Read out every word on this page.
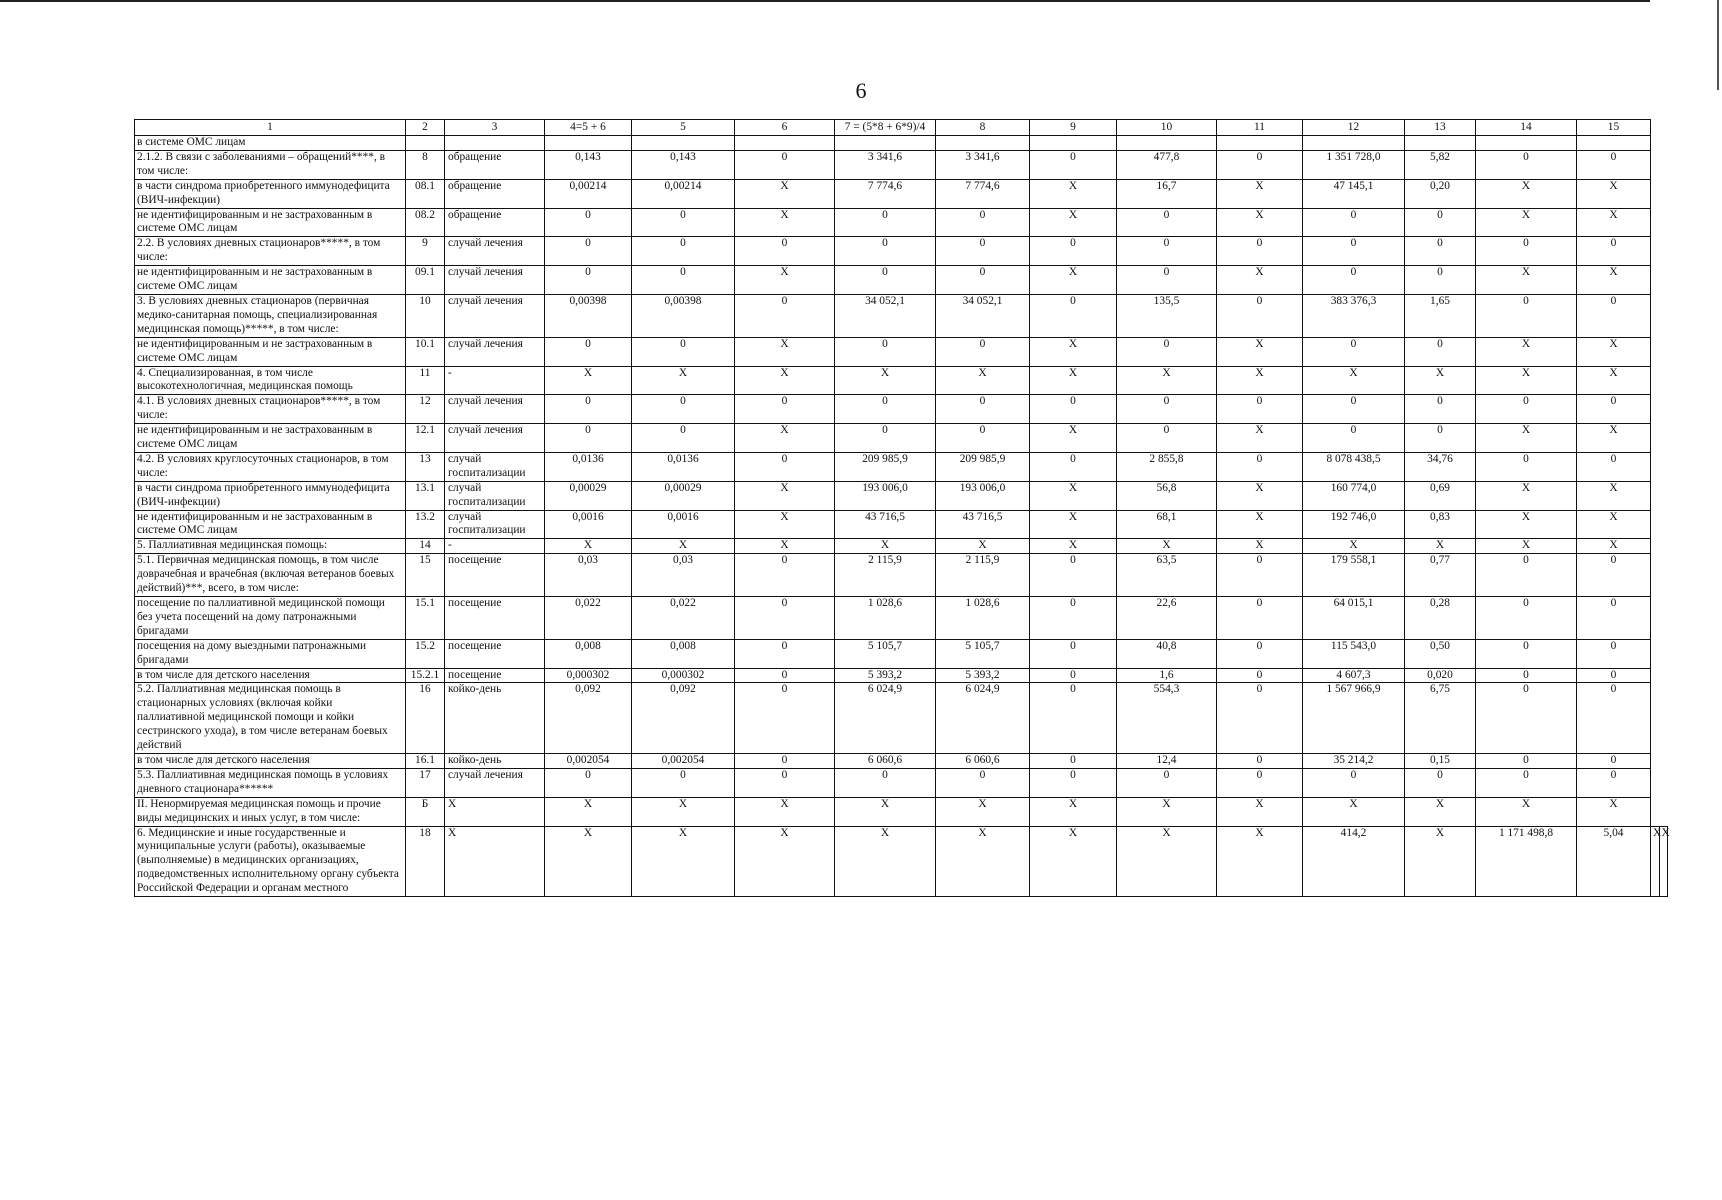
6
1	2	3	4=5 + 6	5	6	7 = (5*8 + 6*9)/4	8	9	10	11	12	13	14	15		
в системе ОМС лицам																
2.1.2. В связи с заболеваниями – обращений****, в том числе:	8	обращение	0,143	0,143	0	3 341,6	3 341,6	0	477,8	0	1 351 728,0	5,82	0	0		
в части синдрома приобретенного иммунодефицита (ВИЧ-инфекции)	08.1	обращение	0,00214	0,00214	X	7 774,6	7 774,6	X	16,7	X	47 145,1	0,20	X	X		
не идентифицированным и не застрахованным в системе ОМС лицам	08.2	обращение	0	0	X	0	0	X	0	X	0	0	X	X		
2.2. В условиях дневных стационаров*****, в том числе:	9	случай лечения	0	0	0	0	0	0	0	0	0	0	0	0		
не идентифицированным и не застрахованным в системе ОМС лицам	09.1	случай лечения	0	0	X	0	0	X	0	X	0	0	X	X		
3. В условиях дневных стационаров (первичная медико-санитарная помощь, специализированная медицинская помощь)*****, в том числе:	10	случай лечения	0,00398	0,00398	0	34 052,1	34 052,1	0	135,5	0	383 376,3	1,65	0	0		
не идентифицированным и не застрахованным в системе ОМС лицам	10.1	случай лечения	0	0	X	0	0	X	0	X	0	0	X	X		
4. Специализированная, в том числе высокотехнологичная, медицинская помощь	11	-	X	X	X	X	X	X	X	X	X	X	X	X		
4.1. В условиях дневных стационаров*****, в том числе:	12	случай лечения	0	0	0	0	0	0	0	0	0	0	0	0		
не идентифицированным и не застрахованным в системе ОМС лицам	12.1	случай лечения	0	0	X	0	0	X	0	X	0	0	X	X		
4.2. В условиях круглосуточных стационаров, в том числе:	13	случай госпитализации	0,0136	0,0136	0	209 985,9	209 985,9	0	2 855,8	0	8 078 438,5	34,76	0	0		
в части синдрома приобретенного иммунодефицита (ВИЧ-инфекции)	13.1	случай госпитализации	0,00029	0,00029	X	193 006,0	193 006,0	X	56,8	X	160 774,0	0,69	X	X		
не идентифицированным и не застрахованным в системе ОМС лицам	13.2	случай госпитализации	0,0016	0,0016	X	43 716,5	43 716,5	X	68,1	X	192 746,0	0,83	X	X		
5. Паллиативная медицинская помощь:	14	-	X	X	X	X	X	X	X	X	X	X	X	X		
5.1. Первичная медицинская помощь, в том числе доврачебная и врачебная (включая ветеранов боевых действий)***, всего, в том числе:	15	посещение	0,03	0,03	0	2 115,9	2 115,9	0	63,5	0	179 558,1	0,77	0	0		
посещение по паллиативной медицинской помощи без учета посещений на дому патронажными бригадами	15.1	посещение	0,022	0,022	0	1 028,6	1 028,6	0	22,6	0	64 015,1	0,28	0	0		
посещения на дому выездными патронажными бригадами	15.2	посещение	0,008	0,008	0	5 105,7	5 105,7	0	40,8	0	115 543,0	0,50	0	0		
в том числе для детского населения	15.2.1	посещение	0,000302	0,000302	0	5 393,2	5 393,2	0	1,6	0	4 607,3	0,020	0	0		
5.2. Паллиативная медицинская помощь в стационарных условиях (включая койки паллиативной медицинской помощи и койки сестринского ухода), в том числе ветеранам боевых действий	16	койко-день	0,092	0,092	0	6 024,9	6 024,9	0	554,3	0	1 567 966,9	6,75	0	0		
в том числе для детского населения	16.1	койко-день	0,002054	0,002054	0	6 060,6	6 060,6	0	12,4	0	35 214,2	0,15	0	0		
5.3. Паллиативная медицинская помощь в условиях дневного стационара******	17	случай лечения	0	0	0	0	0	0	0	0	0	0	0	0		
II. Ненормируемая медицинская помощь и прочие виды медицинских и иных услуг, в том числе:	Б	X	X	X	X	X	X	X	X	X	X	X	X	X		
6. Медицинские и иные государственные и муниципальные услуги (работы), оказываемые (выполняемые) в медицинских организациях, подведомственных исполнительному органу субъекта Российской Федерации и органам местного	18	X	X	X	X	X	X	X	X	X	414,2	X	1 171 498,8	5,04	X	X
